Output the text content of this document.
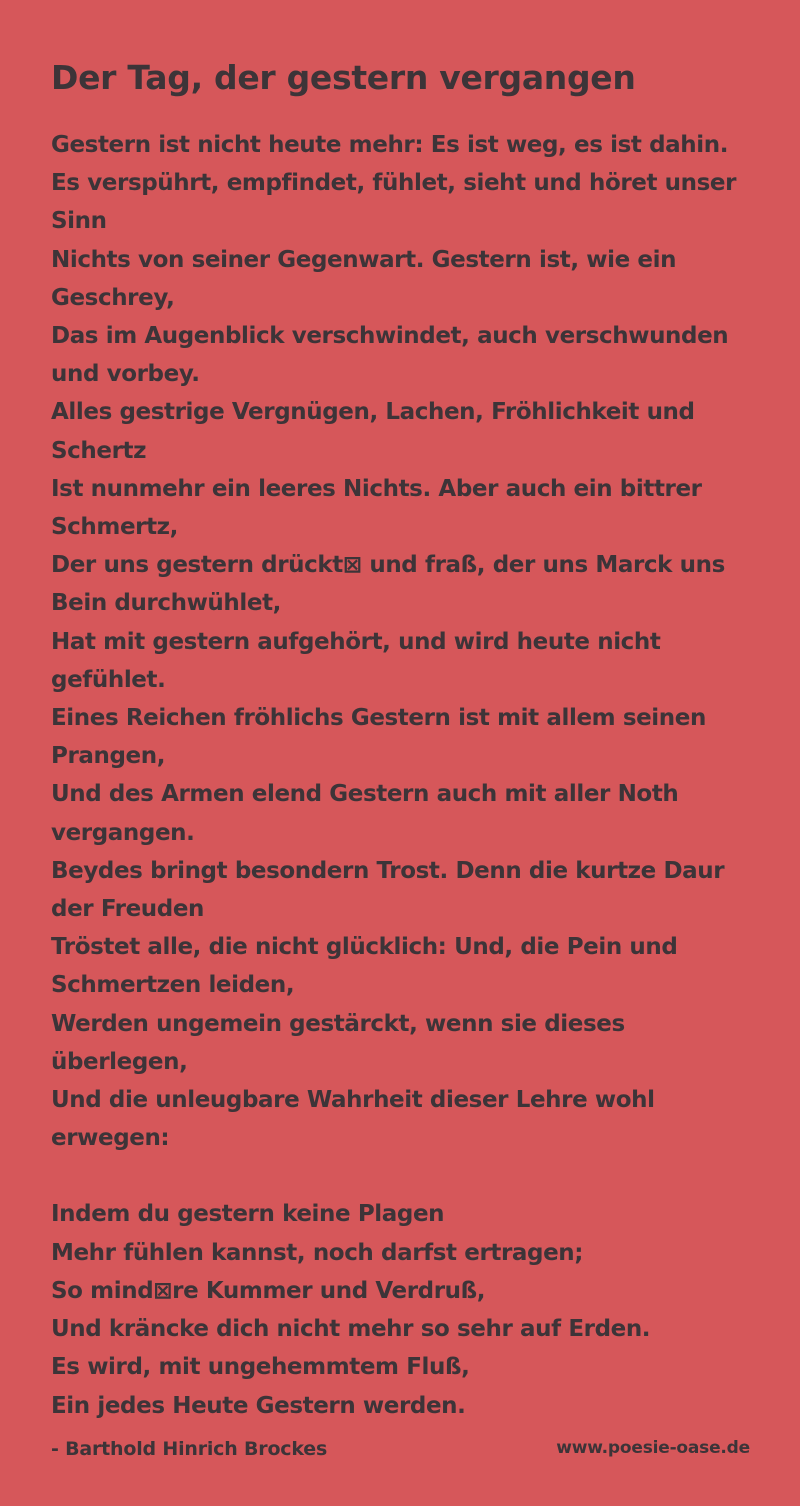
Der Tag, der gestern vergangen
Gestern ist nicht heute mehr: Es ist weg, es ist dahin.
Es verspührt, empfindet, fühlet, sieht und höret unser
Sinn
Nichts von seiner Gegenwart. Gestern ist, wie ein
Geschrey,
Das im Augenblick verschwindet, auch verschwunden
und vorbey.
Alles gestrige Vergnügen, Lachen, Fröhlichkeit und
Schertz
Ist nunmehr ein leeres Nichts. Aber auch ein bittrer
Schmertz,
Der uns gestern drückt⊠ und fraß, der uns Marck uns
Bein durchwühlet,
Hat mit gestern aufgehört, und wird heute nicht
gefühlet.
Eines Reichen fröhlichs Gestern ist mit allem seinen
Prangen,
Und des Armen elend Gestern auch mit aller Noth
vergangen.
Beydes bringt besondern Trost. Denn die kurtze Daur
der Freuden
Tröstet alle, die nicht glücklich: Und, die Pein und
Schmertzen leiden,
Werden ungemein gestärckt, wenn sie dieses überlegen,
Und die unleugbare Wahrheit dieser Lehre wohl
erwegen:
Indem du gestern keine Plagen
Mehr fühlen kannst, noch darfst ertragen;
So mind⊠re Kummer und Verdruß,
Und kräncke dich nicht mehr so sehr auf Erden.
Es wird, mit ungehemmtem Fluß,
Ein jedes Heute Gestern werden.
- Barthold Hinrich Brockes	www.poesie-oase.de
